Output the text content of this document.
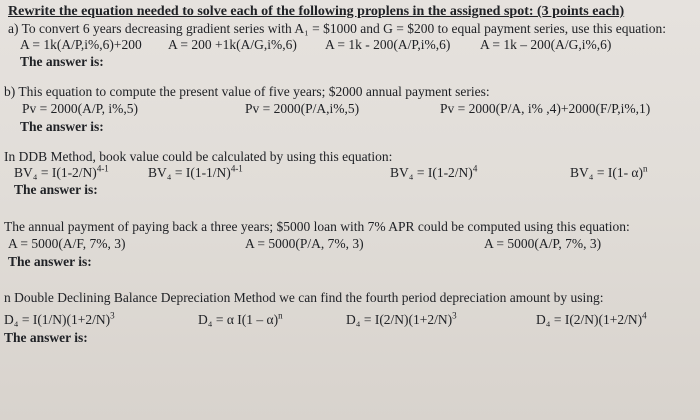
Rewrite the equation needed to solve each of the following proplens in the assigned spot: (3 points each)
a) To convert 6 years decreasing gradient series with A₁ = $1000 and G = $200 to equal payment series, use this equation:
A = 1k(A/P,i%,6)+200 A = 200 +1k(A/G,i%,6) A = 1k - 200(A/P,i%,6) A = 1k – 200(A/G,i%,6)
The answer is:
b) This equation to compute the present value of five years; $2000 annual payment series:
Pv = 2000(A/P, i%,5)	Pv = 2000(P/A,i%,5)	Pv = 2000(P/A, i% ,4)+2000(F/P,i%,1)
The answer is:
In DDB Method, book value could be calculated by using this equation:
$BV_4 = I(1-2/N)^{4-1}$	$BV_4 = I(1-1/N)^{4-1}$	$BV_4 = I(1-2/N)^4$	BV₄ = I(1- α)$^n$
The answer is:
The annual payment of paying back a three years; $5000 loan with 7% APR could be computed using this equation:
A = 5000(A/F, 7%, 3)	A = 5000(P/A, 7%, 3)	A = 5000(A/P, 7%, 3)
The answer is:
n Double Declining Balance Depreciation Method we can find the fourth period depreciation amount by using:
$D_4 = I(1/N)(1+2/N)^3$	D₄ = α I(1 – α)$^n$	$D_4 = I(2/N)(1+2/N)^3$	$D_4 = I(2/N)(1+2/N)^4$
The answer is:
